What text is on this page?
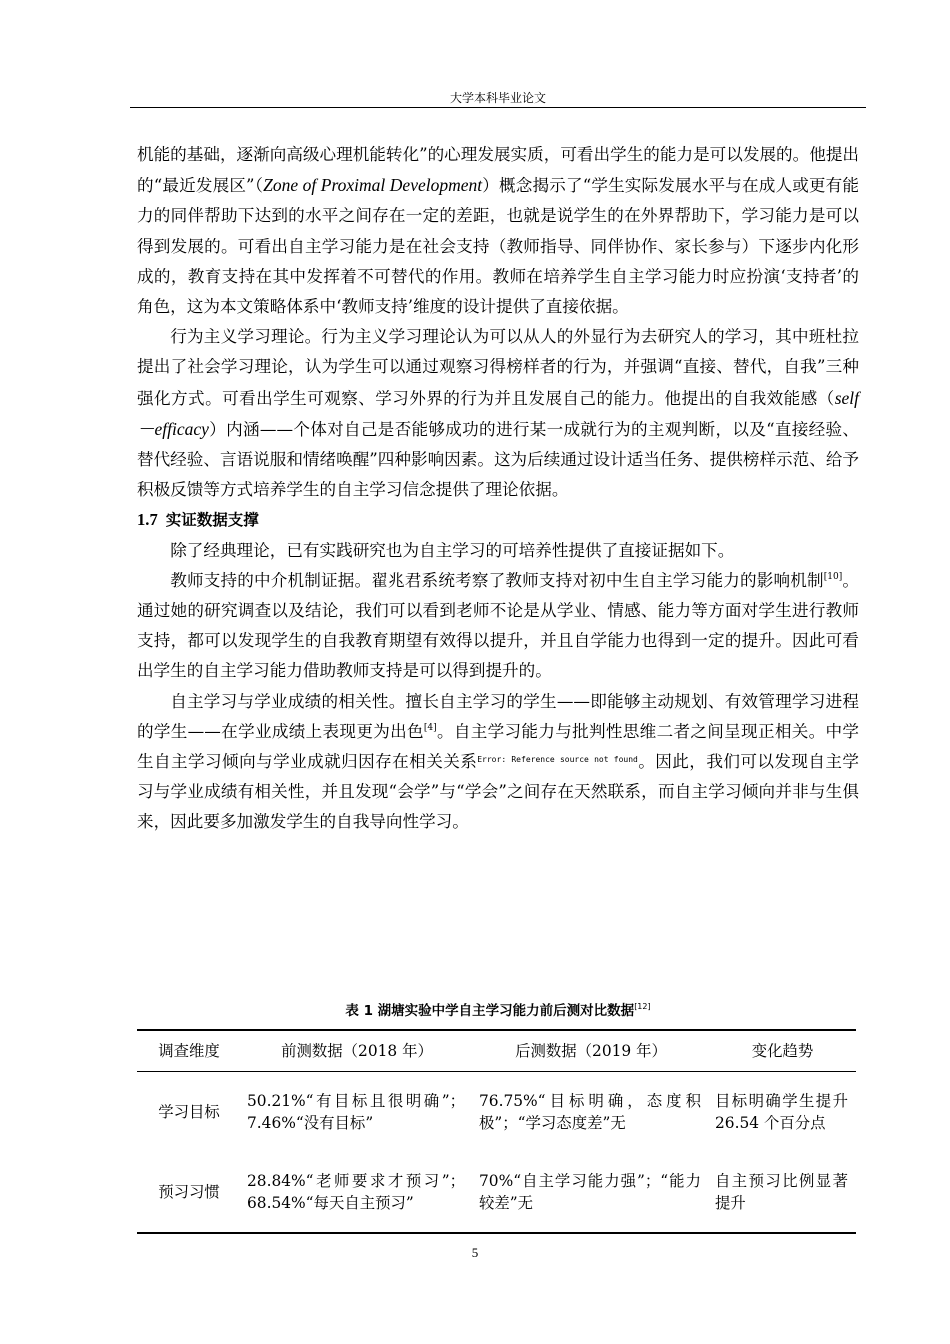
大学本科毕业论文

机能的基础，逐渐向高级心理机能转化”的心理发展实质，可看出学生的能力是可以发展的。他提出的“最近发展区”（Zone of Proximal Development）概念揭示了“学生实际发展水平与在成人或更有能力的同伴帮助下达到的水平之间存在一定的差距，也就是说学生的在外界帮助下，学习能力是可以得到发展的。可看出自主学习能力是在社会支持（教师指导、同伴协作、家长参与）下逐步内化形成的，教育支持在其中发挥着不可替代的作用。教师在培养学生自主学习能力时应扮演‘支持者’的角色，这为本文策略体系中‘教师支持’维度的设计提供了直接依据。

行为主义学习理论。行为主义学习理论认为可以从人的外显行为去研究人的学习，其中班杜拉提出了社会学习理论，认为学生可以通过观察习得榜样者的行为，并强调“直接、替代，自我”三种强化方式。可看出学生可观察、学习外界的行为并且发展自己的能力。他提出的自我效能感（self－efficacy）内涵——个体对自己是否能够成功的进行某一成就行为的主观判断，以及“直接经验、替代经验、言语说服和情绪唤醒”四种影响因素。这为后续通过设计适当任务、提供榜样示范、给予积极反馈等方式培养学生的自主学习信念提供了理论依据。

1.7 实证数据支撑

除了经典理论，已有实践研究也为自主学习的可培养性提供了直接证据如下。

教师支持的中介机制证据。翟兆君系统考察了教师支持对初中生自主学习能力的影响机制[10]。通过她的研究调查以及结论，我们可以看到老师不论是从学业、情感、能力等方面对学生进行教师支持，都可以发现学生的自我教育期望有效得以提升，并且自学能力也得到一定的提升。因此可看出学生的自主学习能力借助教师支持是可以得到提升的。

自主学习与学业成绩的相关性。擅长自主学习的学生——即能够主动规划、有效管理学习进程的学生——在学业成绩上表现更为出色[4]。自主学习能力与批判性思维二者之间呈现正相关。中学生自主学习倾向与学业成就归因存在相关关系$^{Error: Reference source not found}$。因此，我们可以发现自主学习与学业成绩有相关性，并且发现“会学”与“学会”之间存在天然联系，而自主学习倾向并非与生俱来，因此要多加激发学生的自我导向性学习。

表 1 湖塘实验中学自主学习能力前后测对比数据[12]
调查维度	前测数据（2018 年）	后测数据（2019 年）	变化趋势
学习目标	50.21%“有目标且很明确”；7.46%“没有目标”	76.75%“目标明确，态度积极”；“学习态度差”无	目标明确学生提升 26.54 个百分点
预习习惯	28.84%“老师要求才预习”；68.54%“每天自主预习”	70%“自主学习能力强”；“能力较差”无	自主预习比例显著提升
5
